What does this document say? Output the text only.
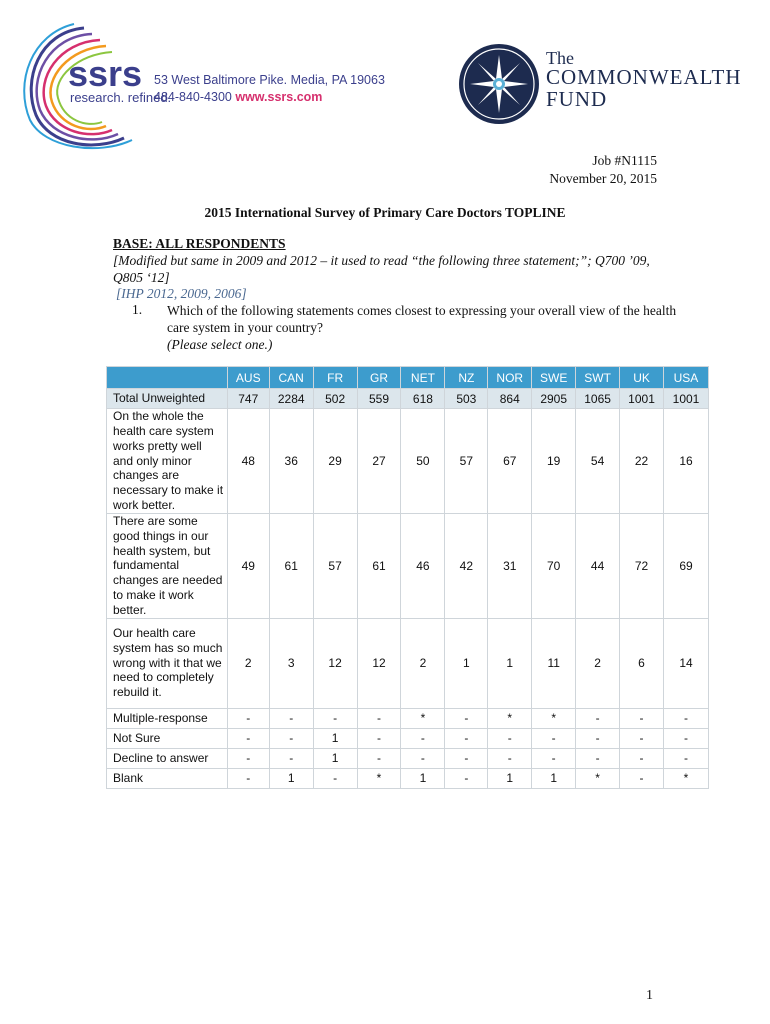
ssrs
research. refined.
53 West Baltimore Pike. Media, PA 19063
484-840-4300 www.ssrs.com
The
COMMONWEALTH
FUND
Job #N1115
November 20, 2015
2015 International Survey of Primary Care Doctors TOPLINE
BASE: ALL RESPONDENTS
[Modified but same in 2009 and 2012 – it used to read “the following three statement;”; Q700 ’09, Q805 ‘12]
[IHP 2012, 2009, 2006]
1. Which of the following statements comes closest to expressing your overall view of the health care system in your country?
(Please select one.)
	AUS	CAN	FR	GR	NET	NZ	NOR	SWE	SWT	UK	USA
Total Unweighted	747	2284	502	559	618	503	864	2905	1065	1001	1001
On the whole the health care system works pretty well and only minor changes are necessary to make it work better.	48	36	29	27	50	57	67	19	54	22	16
There are some good things in our health system, but fundamental changes are needed to make it work better.	49	61	57	61	46	42	31	70	44	72	69
Our health care system has so much wrong with it that we need to completely rebuild it.	2	3	12	12	2	1	1	11	2	6	14
Multiple-response	-	-	-	-	*	-	*	*	-	-	-
Not Sure	-	-	1	-	-	-	-	-	-	-	-
Decline to answer	-	-	1	-	-	-	-	-	-	-	-
Blank	-	1	-	*	1	-	1	1	*	-	*
1
